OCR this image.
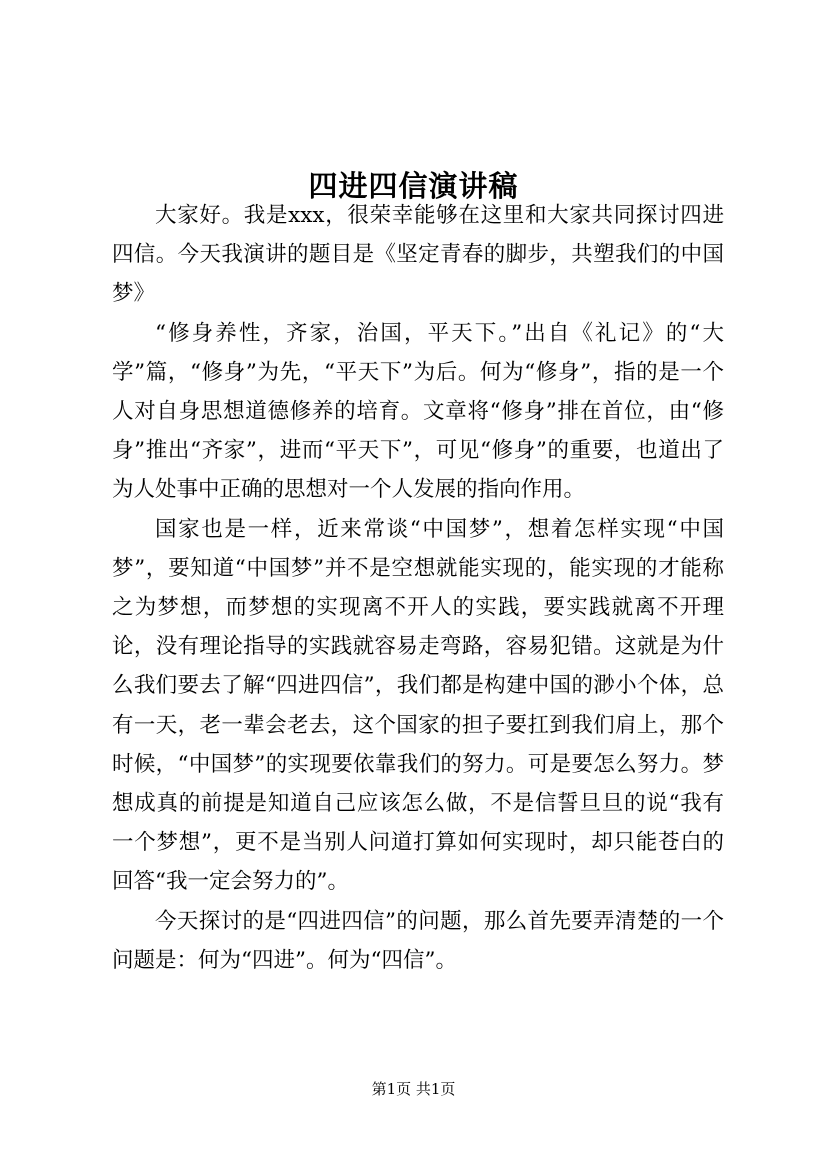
四进四信演讲稿

大家好。我是xxx，很荣幸能够在这里和大家共同探讨四进四信。今天我演讲的题目是《坚定青春的脚步，共塑我们的中国梦》

“修身养性，齐家，治国，平天下。”出自《礼记》的“大学”篇，“修身”为先，“平天下”为后。何为“修身”，指的是一个人对自身思想道德修养的培育。文章将“修身”排在首位，由“修身”推出“齐家”，进而“平天下”，可见“修身”的重要，也道出了为人处事中正确的思想对一个人发展的指向作用。

国家也是一样，近来常谈“中国梦”，想着怎样实现“中国梦”，要知道“中国梦”并不是空想就能实现的，能实现的才能称之为梦想，而梦想的实现离不开人的实践，要实践就离不开理论，没有理论指导的实践就容易走弯路，容易犯错。这就是为什么我们要去了解“四进四信”，我们都是构建中国的渺小个体，总有一天，老一辈会老去，这个国家的担子要扛到我们肩上，那个时候，“中国梦”的实现要依靠我们的努力。可是要怎么努力。梦想成真的前提是知道自己应该怎么做，不是信誓旦旦的说“我有一个梦想”，更不是当别人问道打算如何实现时，却只能苍白的回答“我一定会努力的”。

今天探讨的是“四进四信”的问题，那么首先要弄清楚的一个问题是：何为“四进”。何为“四信”。

第1页 共1页
